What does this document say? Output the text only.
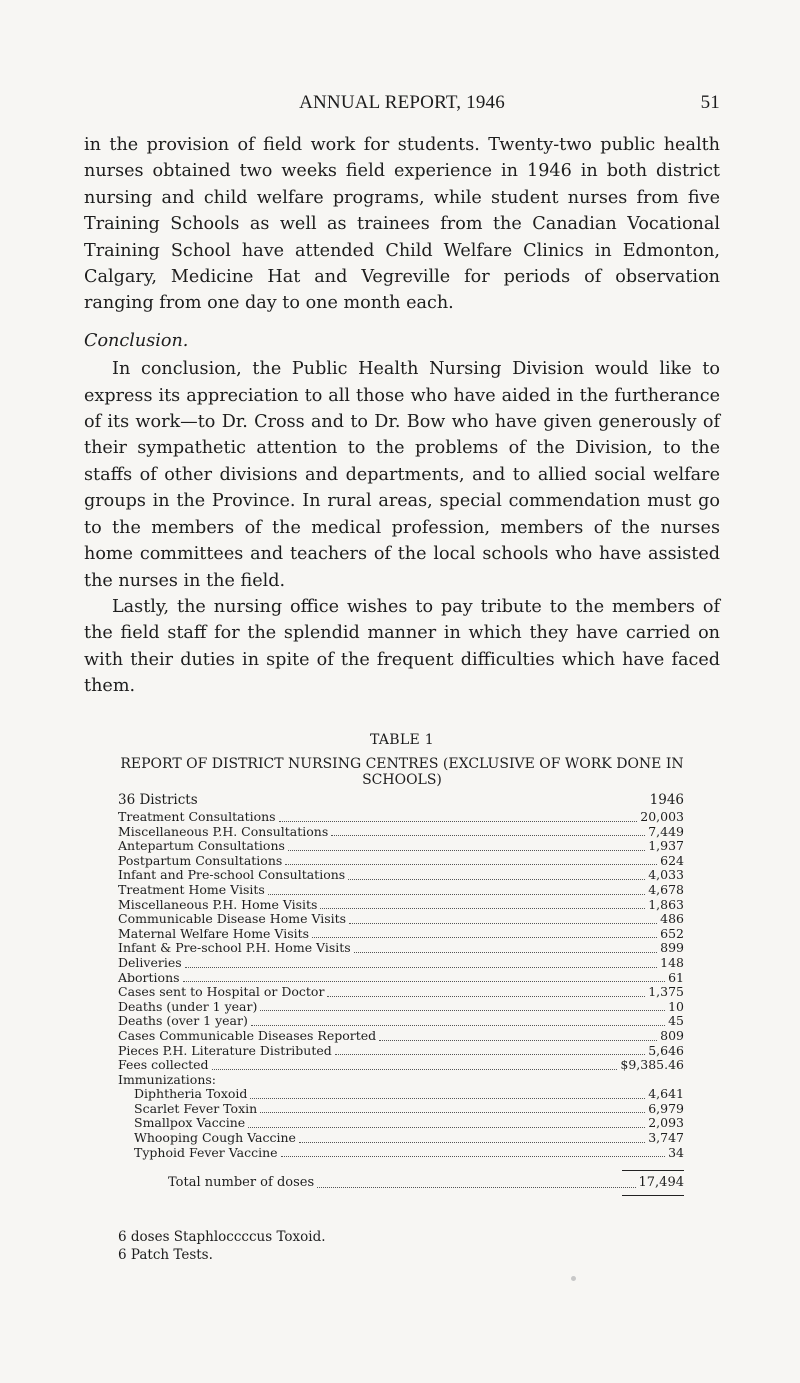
ANNUAL REPORT, 1946	51

in the provision of field work for students. Twenty-two public health nurses obtained two weeks field experience in 1946 in both district nursing and child welfare programs, while student nurses from five Training Schools as well as trainees from the Canadian Vocational Training School have attended Child Welfare Clinics in Edmonton, Calgary, Medicine Hat and Vegreville for periods of observation ranging from one day to one month each.

Conclusion.

In conclusion, the Public Health Nursing Division would like to express its appreciation to all those who have aided in the furtherance of its work—to Dr. Cross and to Dr. Bow who have given generously of their sympathetic attention to the problems of the Division, to the staffs of other divisions and departments, and to allied social welfare groups in the Province. In rural areas, special commendation must go to the members of the medical profession, members of the nurses home committees and teachers of the local schools who have assisted the nurses in the field.

Lastly, the nursing office wishes to pay tribute to the members of the field staff for the splendid manner in which they have carried on with their duties in spite of the frequent difficulties which have faced them.

TABLE 1
REPORT OF DISTRICT NURSING CENTRES (EXCLUSIVE OF WORK DONE IN SCHOOLS)
36 Districts	1946
Treatment Consultations	20,003
Miscellaneous P.H. Consultations	7,449
Antepartum Consultations	1,937
Postpartum Consultations	624
Infant and Pre-school Consultations	4,033
Treatment Home Visits	4,678
Miscellaneous P.H. Home Visits	1,863
Communicable Disease Home Visits	486
Maternal Welfare Home Visits	652
Infant & Pre-school P.H. Home Visits	899
Deliveries	148
Abortions	61
Cases sent to Hospital or Doctor	1,375
Deaths (under 1 year)	10
Deaths (over 1 year)	45
Cases Communicable Diseases Reported	809
Pieces P.H. Literature Distributed	5,646
Fees collected	$9,385.46
Immunizations:
Diphtheria Toxoid	4,641
Scarlet Fever Toxin	6,979
Smallpox Vaccine	2,093
Whooping Cough Vaccine	3,747
Typhoid Fever Vaccine	34
Total number of doses	17,494
6 doses Staphloccccus Toxoid.
6 Patch Tests.
